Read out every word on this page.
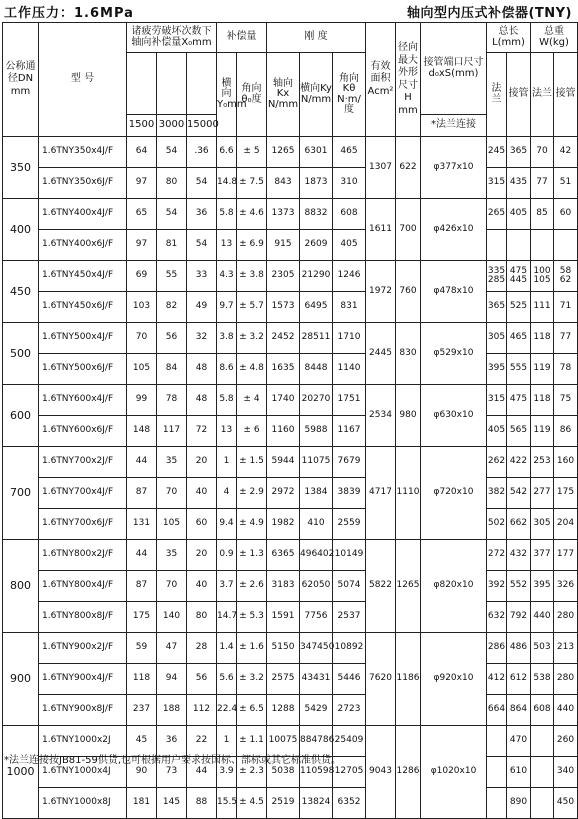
工作压力：1.6MPa	轴向型内压式补偿器(TNY)
公称通径DN mm	型 号	诸疲劳破坏次数下轴向补偿量X₀mm			补偿量		刚 度			有效面积Acm²	径向最大外形尺寸H mm	接管端口尺寸d₀xS(mm)	总长L(mm)		总重W(kg)	
					横向Y₀mm	角向θ₀度	轴向Kx N/mm	横向Ky N/mm	角向Kθ N·m/度				法兰	接管	法兰	接管
		1500	3000	15000								*法兰连接				
350	1.6TNY350x4J/F	64	54	.36	6.6	± 5	1265	6301	465	1307	622	φ377x10	245	365	70	42
	1.6TNY350x6J/F	97	80	54	14.8	± 7.5	843	1873	310				315	435	77	51
400	1.6TNY400x4J/F	65	54	36	5.8	± 4.6	1373	8832	608	1611	700	φ426x10	265	405	85	60
	1.6TNY400x6J/F	97	81	54	13	± 6.9	915	2609	405							
450	1.6TNY450x4J/F	69	55	33	4.3	± 3.8	2305	21290	1246	1972	760	φ478x10	335 285	475 445	100 105	58 62
	1.6TNY450x6J/F	103	82	49	9.7	± 5.7	1573	6495	831				365	525	111	71
500	1.6TNY500x4J/F	70	56	32	3.8	± 3.2	2452	28511	1710	2445	830	φ529x10	305	465	118	77
	1.6TNY500x6J/F	105	84	48	8.6	± 4.8	1635	8448	1140				395	555	119	78
600	1.6TNY600x4J/F	99	78	48	5.8	± 4	1740	20270	1751	2534	980	φ630x10	315	475	118	75
	1.6TNY600x6J/F	148	117	72	13	± 6	1160	5988	1167				405	565	119	86
700	1.6TNY700x2J/F	44	35	20	1	± 1.5	5944	11075	7679	4717	1110	φ720x10	262	422	253	160
	1.6TNY700x4J/F	87	70	40	4	± 2.9	2972	1384	3839				382	542	277	175
	1.6TNY700x6J/F	131	105	60	9.4	± 4.9	1982	410	2559				502	662	305	204
800	1.6TNY800x2J/F	44	35	20	0.9	± 1.3	6365	496402	10149	5822	1265	φ820x10	272	432	377	177
	1.6TNY800x4J/F	87	70	40	3.7	± 2.6	3183	62050	5074				392	552	395	326
	1.6TNY800x8J/F	175	140	80	14.7	± 5.3	1591	7756	2537				632	792	440	280
900	1.6TNY900x2J/F	59	47	28	1.4	± 1.6	5150	347450	10892	7620	1186	φ920x10	286	486	503	213
	1.6TNY900x4J/F	118	94	56	5.6	± 3.2	2575	43431	5446				412	612	538	280
	1.6TNY900x8J/F	237	188	112	22.4	± 6.5	1288	5429	2723				664	864	608	440
1000	1.6TNY1000x2J	45	36	22	1	± 1.1	10075	884786	25409	9043	1286	φ1020x10		470		260
	1.6TNY1000x4J	90	73	44	3.9	± 2.3	5038	110598	12705					610		340
	1.6TNY1000x8J	181	145	88	15.5	± 4.5	2519	13824	6352					890		450
*法兰连接按JB81-59供货,也可根据用户要求按国标、部标或其它标准供货。
